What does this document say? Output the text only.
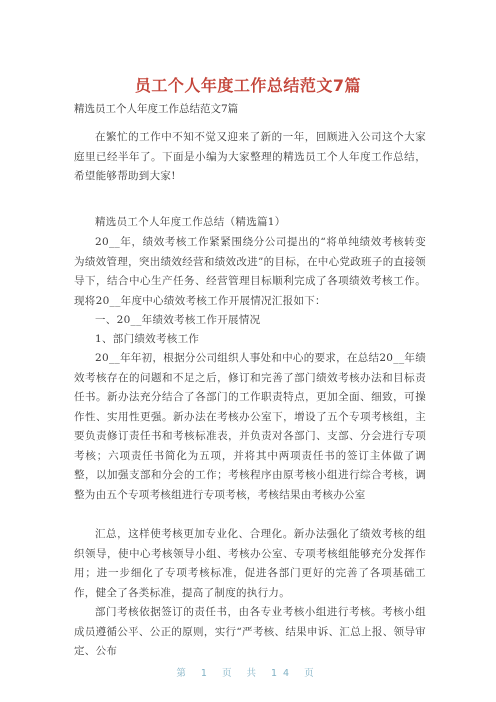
员工个人年度工作总结范文7篇
精选员工个人年度工作总结范文7篇
在繁忙的工作中不知不觉又迎来了新的一年，回顾进入公司这个大家庭里已经半年了。下面是小编为大家整理的精选员工个人年度工作总结，希望能够帮助到大家!
精选员工个人年度工作总结（精选篇1）
20__年，绩效考核工作紧紧围绕分公司提出的“将单纯绩效考核转变为绩效管理，突出绩效经营和绩效改进”的目标，在中心党政班子的直接领导下，结合中心生产任务、经营管理目标顺利完成了各项绩效考核工作。现将20__年度中心绩效考核工作开展情况汇报如下：
一、20__年绩效考核工作开展情况
1、部门绩效考核工作
20__年年初，根据分公司组织人事处和中心的要求，在总结20__年绩效考核存在的问题和不足之后，修订和完善了部门绩效考核办法和目标责任书。新办法充分结合了各部门的工作职责特点，更加全面、细致，可操作性、实用性更强。新办法在考核办公室下，增设了五个专项考核组，主要负责修订责任书和考核标准表，并负责对各部门、支部、分会进行专项考核；六项责任书简化为五项，并将其中两项责任书的签订主体做了调整，以加强支部和分会的工作；考核程序由原考核小组进行综合考核，调整为由五个专项考核组进行专项考核，考核结果由考核办公室
汇总，这样使考核更加专业化、合理化。新办法强化了绩效考核的组织领导，使中心考核领导小组、考核办公室、专项考核组能够充分发挥作用；进一步细化了专项考核标准，促进各部门更好的完善了各项基础工作，健全了各类标准，提高了制度的执行力。
部门考核依据签订的责任书，由各专业考核小组进行考核。考核小组成员遵循公平、公正的原则，实行“严考核、结果申诉、汇总上报、领导审定、公布
第 1 页 共 14 页
